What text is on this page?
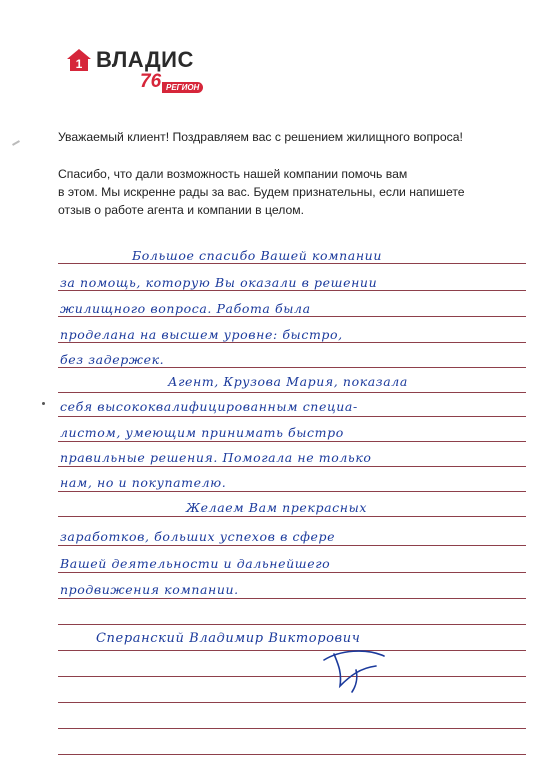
1 ВЛАДИС
76 РЕГИОН
Уважаемый клиент! Поздравляем вас с решением жилищного вопроса!
Спасибо, что дали возможность нашей компании помочь вам
в этом. Мы искренне рады за вас. Будем признательны, если напишете
отзыв о работе агента и компании в целом.
Большое спасибо Вашей компании
за помощь, которую Вы оказали в решении
жилищного вопроса. Работа была
проделана на высшем уровне: быстро,
без задержек.
Агент, Крузова Мария, показала
себя высококвалифицированным специа-
листом, умеющим принимать быстро
правильные решения. Помогала не только
нам, но и покупателю.
Желаем Вам прекрасных
заработков, больших успехов в сфере
Вашей деятельности и дальнейшего
продвижения компании.
Сперанский Владимир Викторович
